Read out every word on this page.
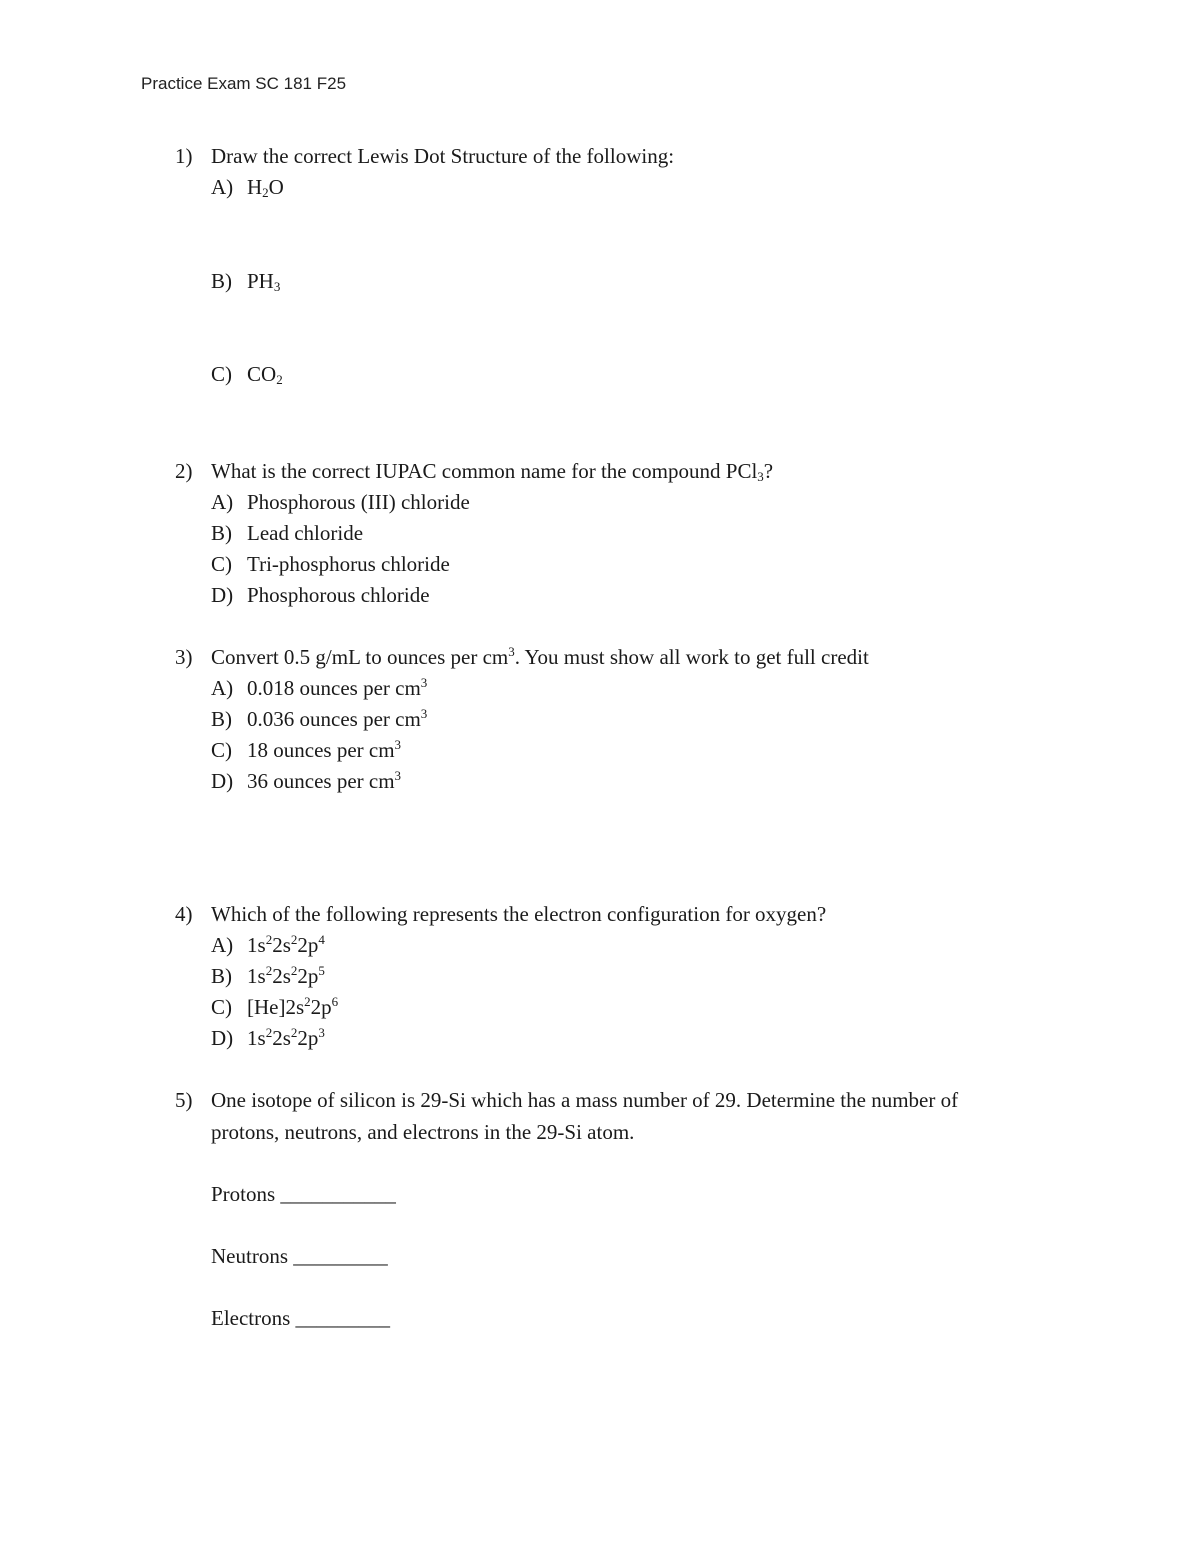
Practice Exam SC 181 F25
1) Draw the correct Lewis Dot Structure of the following:
A) $H_2O$
B) $PH_3$
C) $CO_2$
2) What is the correct IUPAC common name for the compound PCl$_3$?
A) Phosphorous (III) chloride
B) Lead chloride
C) Tri-phosphorus chloride
D) Phosphorous chloride
3) Convert 0.5 g/mL to ounces per $cm^3$. You must show all work to get full credit
A) 0.018 ounces per $cm^3$
B) 0.036 ounces per $cm^3$
C) 18 ounces per $cm^3$
D) 36 ounces per $cm^3$
4) Which of the following represents the electron configuration for oxygen?
A) $1s^22s^22p^4$
B) $1s^22s^22p^5$
C) $[He]2s^22p^6$
D) $1s^22s^22p^3$
5) One isotope of silicon is 29-Si which has a mass number of 29. Determine the number of
protons, neutrons, and electrons in the 29-Si atom.
Protons ___________
Neutrons _________
Electrons _________
